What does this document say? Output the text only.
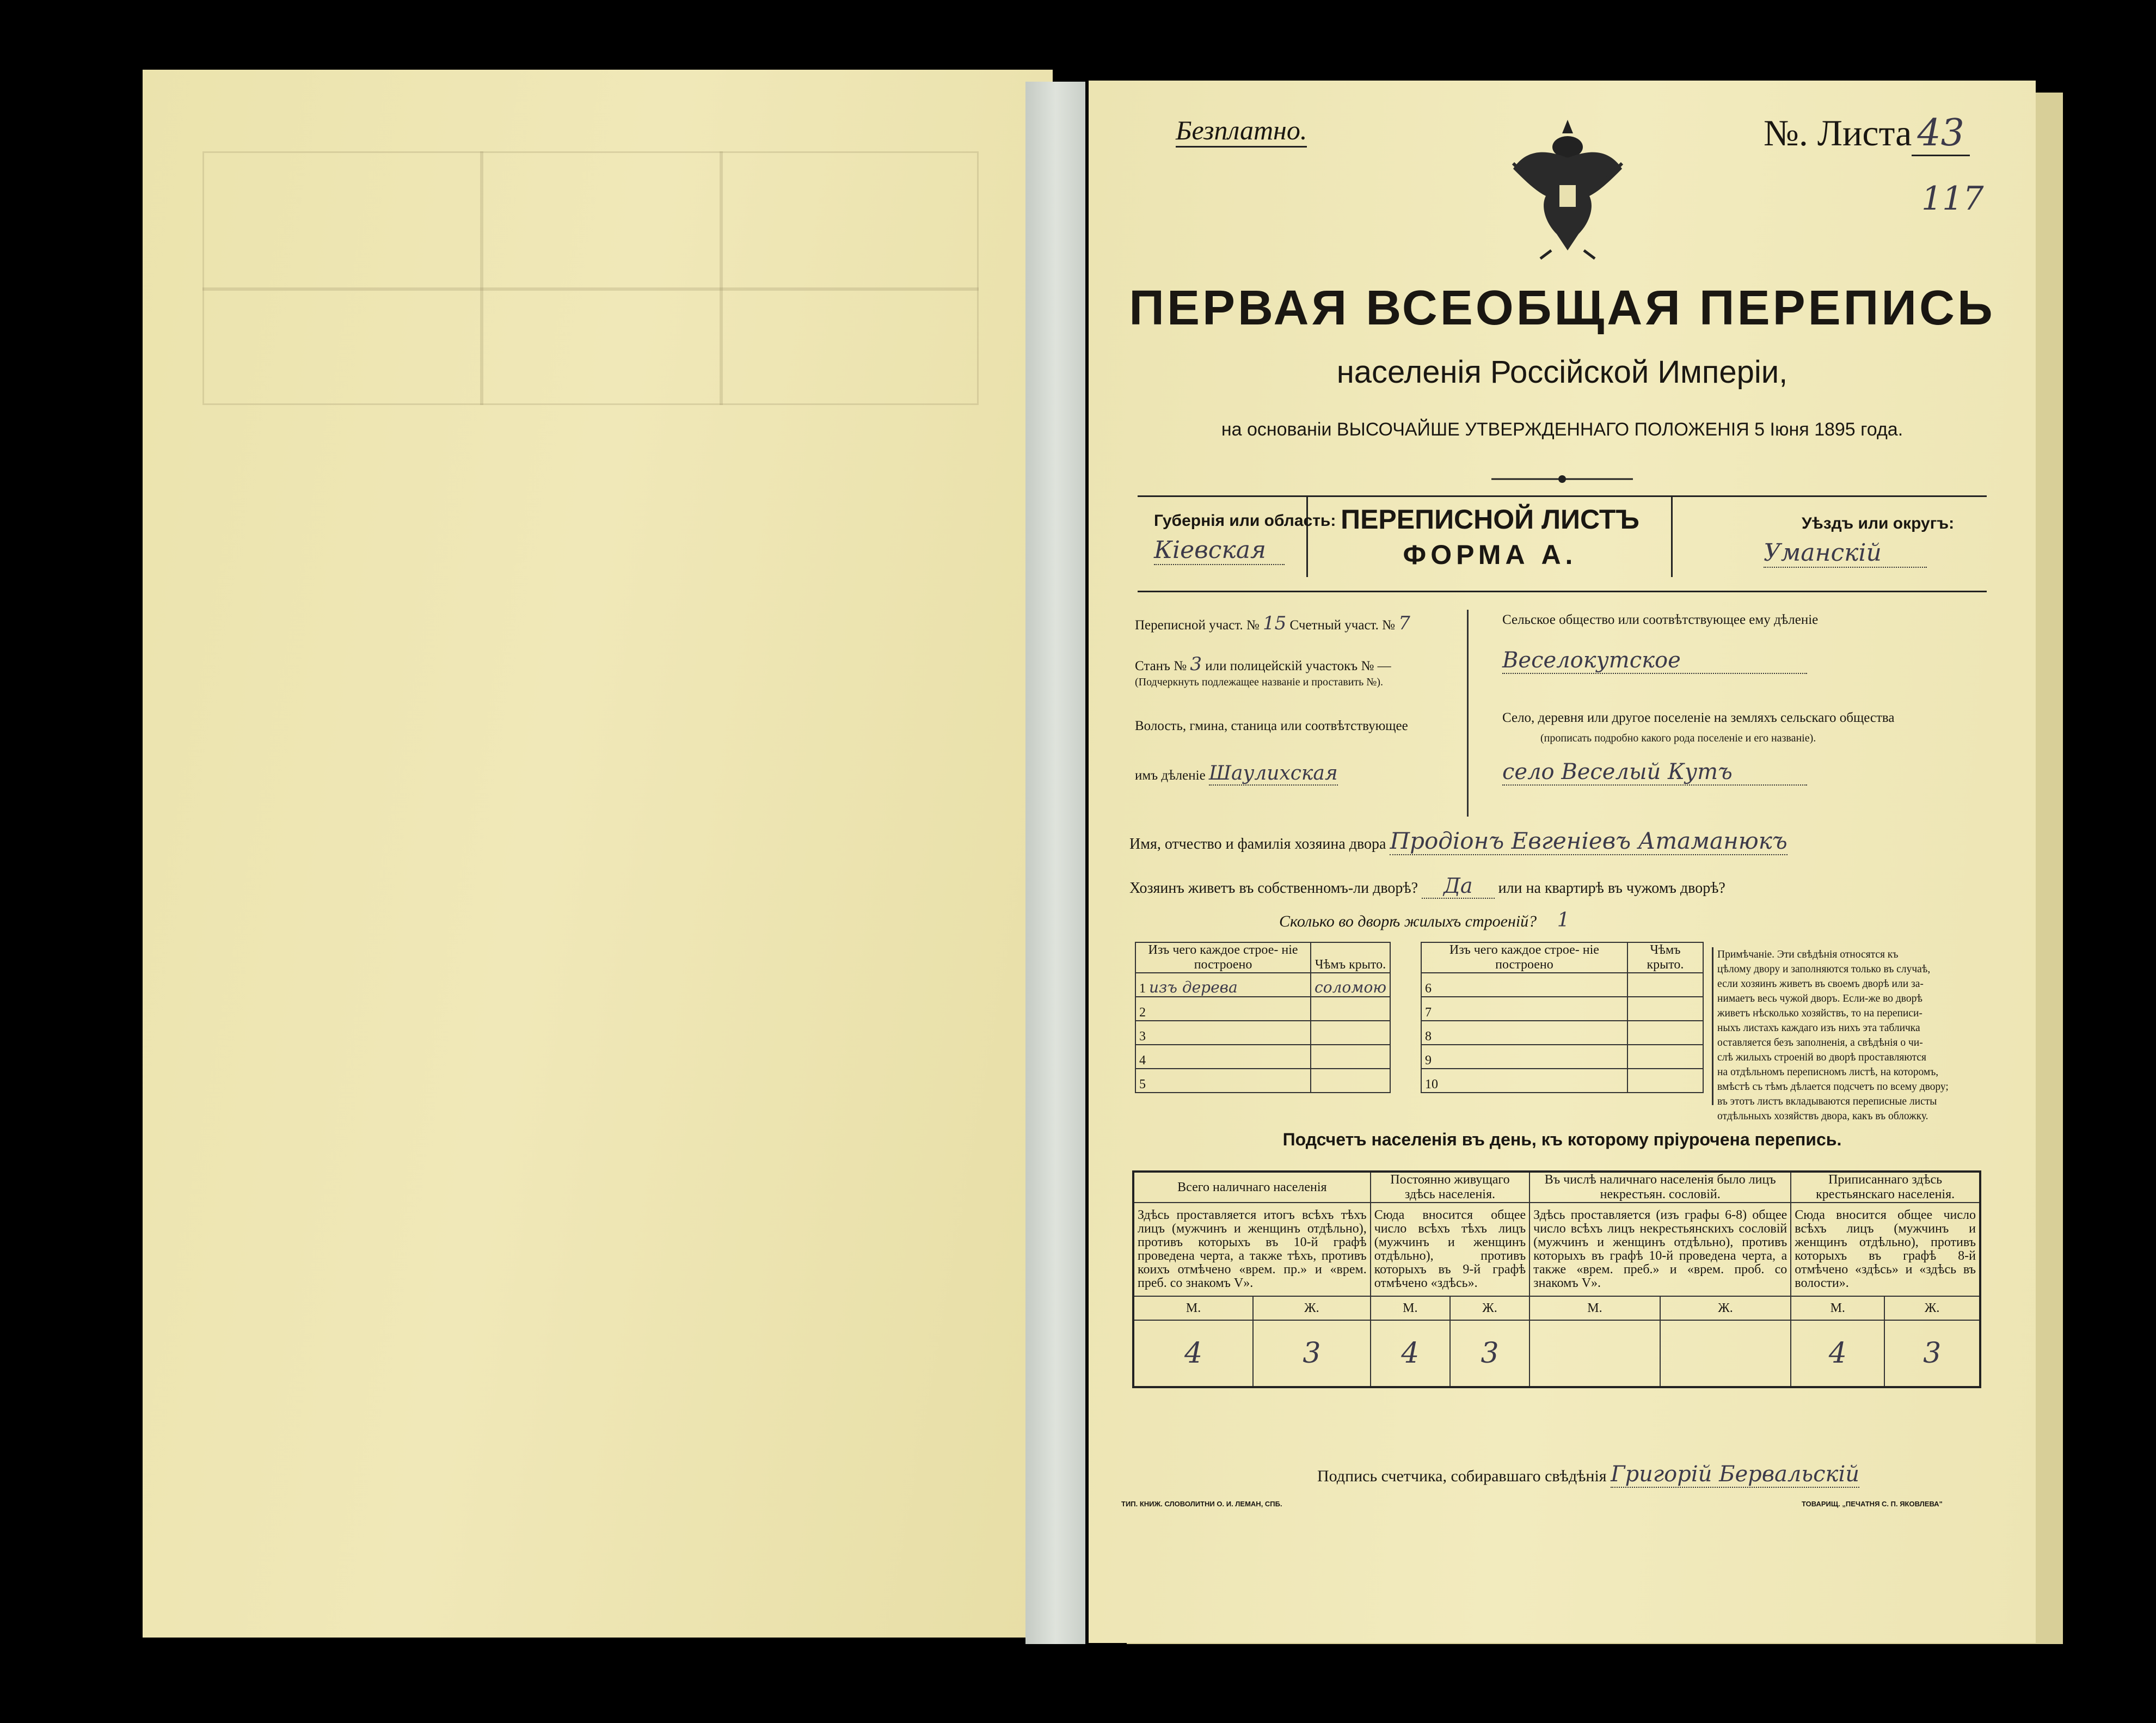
Безплатно.	№. Листа 43
117
ПЕРВАЯ ВСЕОБЩАЯ ПЕРЕПИСЬ
населенія Россійской Имперіи,
на основаніи ВЫСОЧАЙШЕ УТВЕРЖДЕННАГО ПОЛОЖЕНІЯ 5 Іюня 1895 года.
Губернія или область:
Кіевская
ПЕРЕПИСНОЙ ЛИСТЪ
ФОРМА А.
Уѣздъ или округъ:
Уманскій
Переписной участ. № 15 Счетный участ. № 7
Станъ № 3 или полицейскій участокъ № —
(Подчеркнуть подлежащее названіе и проставить №).
Волость, гмина, станица или соотвѣтствующее
имъ дѣленіе Шаулихская
Сельское общество или соотвѣтствующее ему дѣленіе
Веселокутское
Село, деревня или другое поселеніе на земляхъ сельскаго общества
(прописать подробно какого рода поселеніе и его названіе).
село Веселый Кутъ
Имя, отчество и фамилія хозяина двора Продіонъ Евгеніевъ Атаманюкъ
Хозяинъ живетъ въ собственномъ-ли дворѣ? Да или на квартирѣ въ чужомъ дворѣ?
Сколько во дворѣ жилыхъ строеній? 1
Изъ чего каждое строе- ніе построено	Чѣмъ крыто.
1 изъ дерева	соломою
2	
3	
4	
5	
Изъ чего каждое строе- ніе построено	Чѣмъ крыто.
6	
7	
8	
9	
10	
Примѣчаніе. Эти свѣдѣнія относятся къ
цѣлому двору и заполняются только въ случаѣ,
если хозяинъ живетъ въ своемъ дворѣ или за-
нимаетъ весь чужой дворъ. Если-же во дворѣ
живетъ нѣсколько хозяйствъ, то на переписи-
ныхъ листахъ каждаго изъ нихъ эта табличка
оставляется безъ заполненія, а свѣдѣнія о чи-
слѣ жилыхъ строеній во дворѣ проставляются
на отдѣльномъ переписномъ листѣ, на которомъ,
вмѣстѣ съ тѣмъ дѣлается подсчетъ по всему двору;
въ этотъ листъ вкладываются переписные листы
отдѣльныхъ хозяйствъ двора, какъ въ обложку.
Подсчетъ населенія въ день, къ которому пріурочена перепись.
Всего наличнаго населенія		Постоянно живущаго здѣсь населенія.		Въ числѣ наличнаго населенія было лицъ некрестьян. сословій.		Приписаннаго здѣсь крестьянскаго населенія.	
Здѣсь проставляется итогъ всѣхъ тѣхъ лицъ (мужчинъ и женщинъ отдѣльно), противъ которыхъ въ 10-й графѣ проведена черта, а также тѣхъ, противъ коихъ отмѣчено «врем. пр.» и «врем. преб. со знакомъ V».		Сюда вносится общее число всѣхъ тѣхъ лицъ (мужчинъ и женщинъ отдѣльно), противъ которыхъ въ 9-й графѣ отмѣчено «здѣсь».		Здѣсь проставляется (изъ графы 6-8) общее число всѣхъ лицъ некрестьянскихъ сословій (мужчинъ и женщинъ отдѣльно), противъ которыхъ въ графѣ 10-й проведена черта, а также «врем. преб.» и «врем. проб. со знакомъ V».		Сюда вносится общее число всѣхъ лицъ (мужчинъ и женщинъ отдѣльно), противъ которыхъ въ графѣ 8-й отмѣчено «здѣсь» и «здѣсь въ волости».	
М.	Ж.	М.	Ж.	М.	Ж.	М.	Ж.
4	3	4	3			4	3
Подпись счетчика, собиравшаго свѣдѣнія Григорій Бервальскій
ТИП. КНИЖ. СЛОВОЛИТНИ О. И. ЛЕМАН, СПБ.	ТОВАРИЩ. „ПЕЧАТНЯ С. П. ЯКОВЛЕВА"
